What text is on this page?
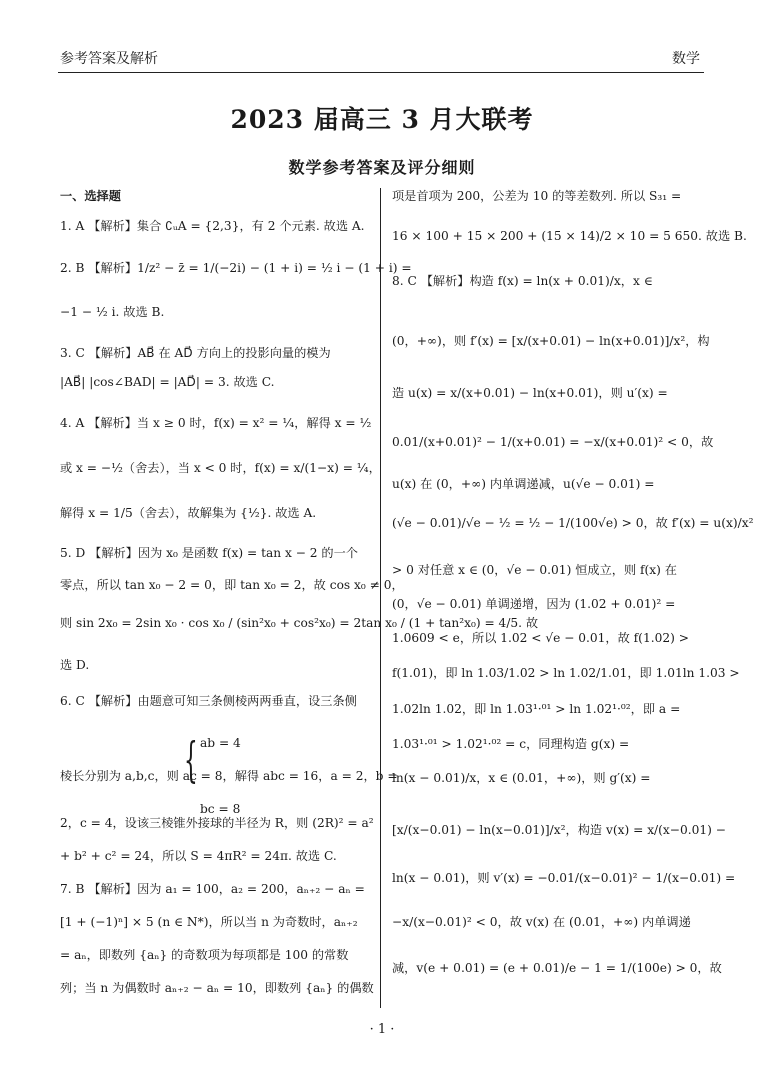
参考答案及解析	数学
2023 届高三 3 月大联考
数学参考答案及评分细则
{ ab = 4
bc = 8
一、选择题
1. A 【解析】集合 ∁ᵤA = {2,3}，有 2 个元素. 故选 A.
2. B 【解析】1/z² − z̄ = 1/(−2i) − (1 + i) = ½ i − (1 + i) =
−1 − ½ i. 故选 B.
3. C 【解析】AB⃗ 在 AD⃗ 方向上的投影向量的模为
|AB⃗| |cos∠BAD| = |AD⃗| = 3. 故选 C.
4. A 【解析】当 x ≥ 0 时，f(x) = x² = ¼，解得 x = ½
或 x = −½（舍去），当 x < 0 时，f(x) = x/(1−x) = ¼，
解得 x = 1/5（舍去），故解集为 {½}. 故选 A.
5. D 【解析】因为 x₀ 是函数 f(x) = tan x − 2 的一个
零点，所以 tan x₀ − 2 = 0，即 tan x₀ = 2，故 cos x₀ ≠ 0，
则 sin 2x₀ = 2sin x₀ · cos x₀ / (sin²x₀ + cos²x₀) = 2tan x₀ / (1 + tan²x₀) = 4/5. 故
选 D.
6. C 【解析】由题意可知三条侧棱两两垂直，设三条侧
棱长分别为 a,b,c，则 ac = 8，解得 abc = 16，a = 2，b =
2，c = 4，设该三棱锥外接球的半径为 R，则 (2R)² = a²
+ b² + c² = 24，所以 S = 4πR² = 24π. 故选 C.
7. B 【解析】因为 a₁ = 100，a₂ = 200，aₙ₊₂ − aₙ =
[1 + (−1)ⁿ] × 5 (n ∈ N*)，所以当 n 为奇数时，aₙ₊₂
= aₙ，即数列 {aₙ} 的奇数项为每项都是 100 的常数
列；当 n 为偶数时 aₙ₊₂ − aₙ = 10，即数列 {aₙ} 的偶数
项是首项为 200，公差为 10 的等差数列. 所以 S₃₁ =
16 × 100 + 15 × 200 + (15 × 14)/2 × 10 = 5 650. 故选 B.
8. C 【解析】构造 f(x) = ln(x + 0.01)/x，x ∈
(0，+∞)，则 f′(x) = [x/(x+0.01) − ln(x+0.01)]/x²，构
造 u(x) = x/(x+0.01) − ln(x+0.01)，则 u′(x) =
0.01/(x+0.01)² − 1/(x+0.01) = −x/(x+0.01)² < 0，故
u(x) 在 (0，+∞) 内单调递减，u(√e − 0.01) =
(√e − 0.01)/√e − ½ = ½ − 1/(100√e) > 0，故 f′(x) = u(x)/x²
> 0 对任意 x ∈ (0，√e − 0.01) 恒成立，则 f(x) 在
(0，√e − 0.01) 单调递增，因为 (1.02 + 0.01)² =
1.0609 < e，所以 1.02 < √e − 0.01，故 f(1.02) >
f(1.01)，即 ln 1.03/1.02 > ln 1.02/1.01，即 1.01ln 1.03 >
1.02ln 1.02，即 ln 1.03¹·⁰¹ > ln 1.02¹·⁰²，即 a =
1.03¹·⁰¹ > 1.02¹·⁰² = c，同理构造 g(x) =
ln(x − 0.01)/x，x ∈ (0.01，+∞)，则 g′(x) =
[x/(x−0.01) − ln(x−0.01)]/x²，构造 v(x) = x/(x−0.01) −
ln(x − 0.01)，则 v′(x) = −0.01/(x−0.01)² − 1/(x−0.01) =
−x/(x−0.01)² < 0，故 v(x) 在 (0.01，+∞) 内单调递
减，v(e + 0.01) = (e + 0.01)/e − 1 = 1/(100e) > 0，故
· 1 ·
